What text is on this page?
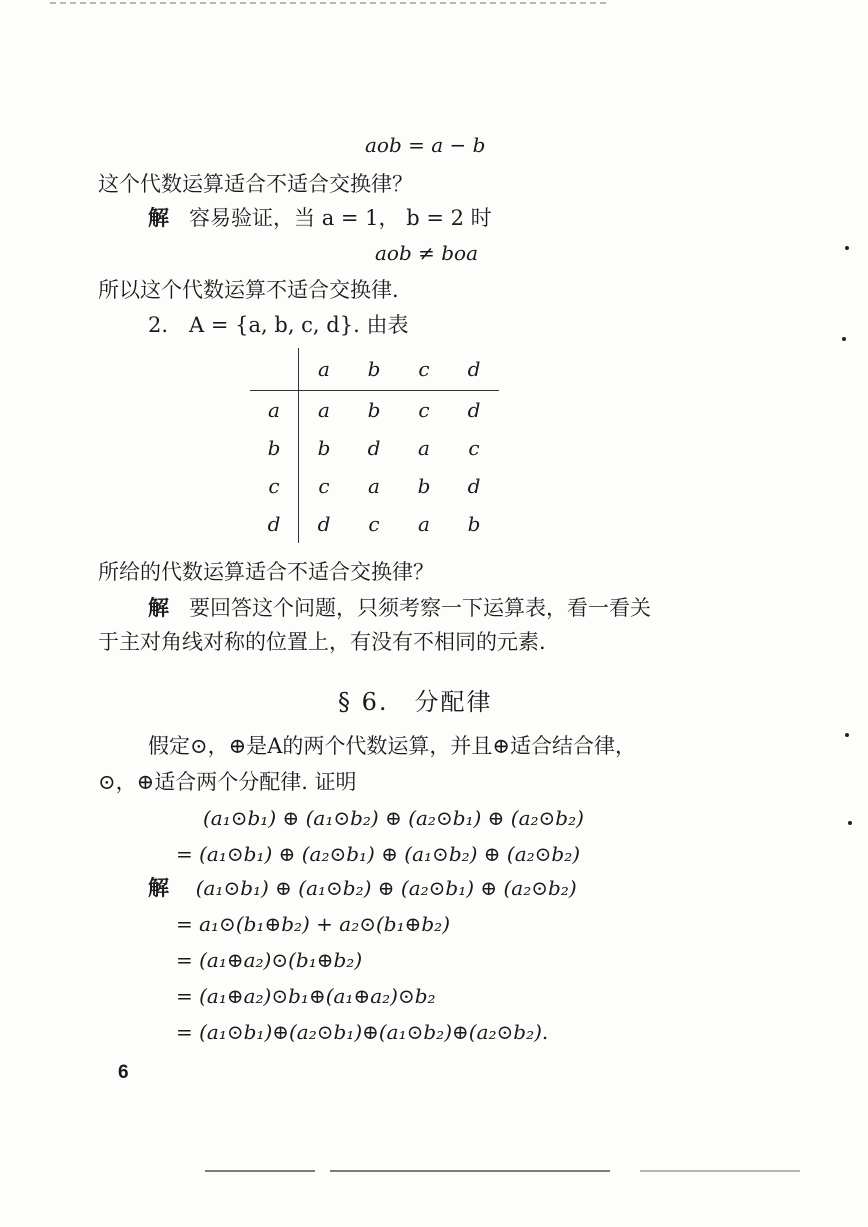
aob = a − b
这个代数运算适合不适合交换律？
解 容易验证，当 a = 1， b = 2 时
aob ≠ boa
所以这个代数运算不适合交换律.
2.　A = {a, b, c, d}. 由表
	a	b	c	d
a	a	b	c	d
b	b	d	a	c
c	c	a	b	d
d	d	c	a	b
所给的代数运算适合不适合交换律？
解 要回答这个问题，只须考察一下运算表，看一看关
于主对角线对称的位置上，有没有不相同的元素.
§ 6.　分配律
假定⊙，⊕是A的两个代数运算，并且⊕适合结合律，
⊙，⊕适合两个分配律. 证明
(a₁⊙b₁) ⊕ (a₁⊙b₂) ⊕ (a₂⊙b₁) ⊕ (a₂⊙b₂)
= (a₁⊙b₁) ⊕ (a₂⊙b₁) ⊕ (a₁⊙b₂) ⊕ (a₂⊙b₂)
解 (a₁⊙b₁) ⊕ (a₁⊙b₂) ⊕ (a₂⊙b₁) ⊕ (a₂⊙b₂)
= a₁⊙(b₁⊕b₂) + a₂⊙(b₁⊕b₂)
= (a₁⊕a₂)⊙(b₁⊕b₂)
= (a₁⊕a₂)⊙b₁⊕(a₁⊕a₂)⊙b₂
= (a₁⊙b₁)⊕(a₂⊙b₁)⊕(a₁⊙b₂)⊕(a₂⊙b₂).
6
